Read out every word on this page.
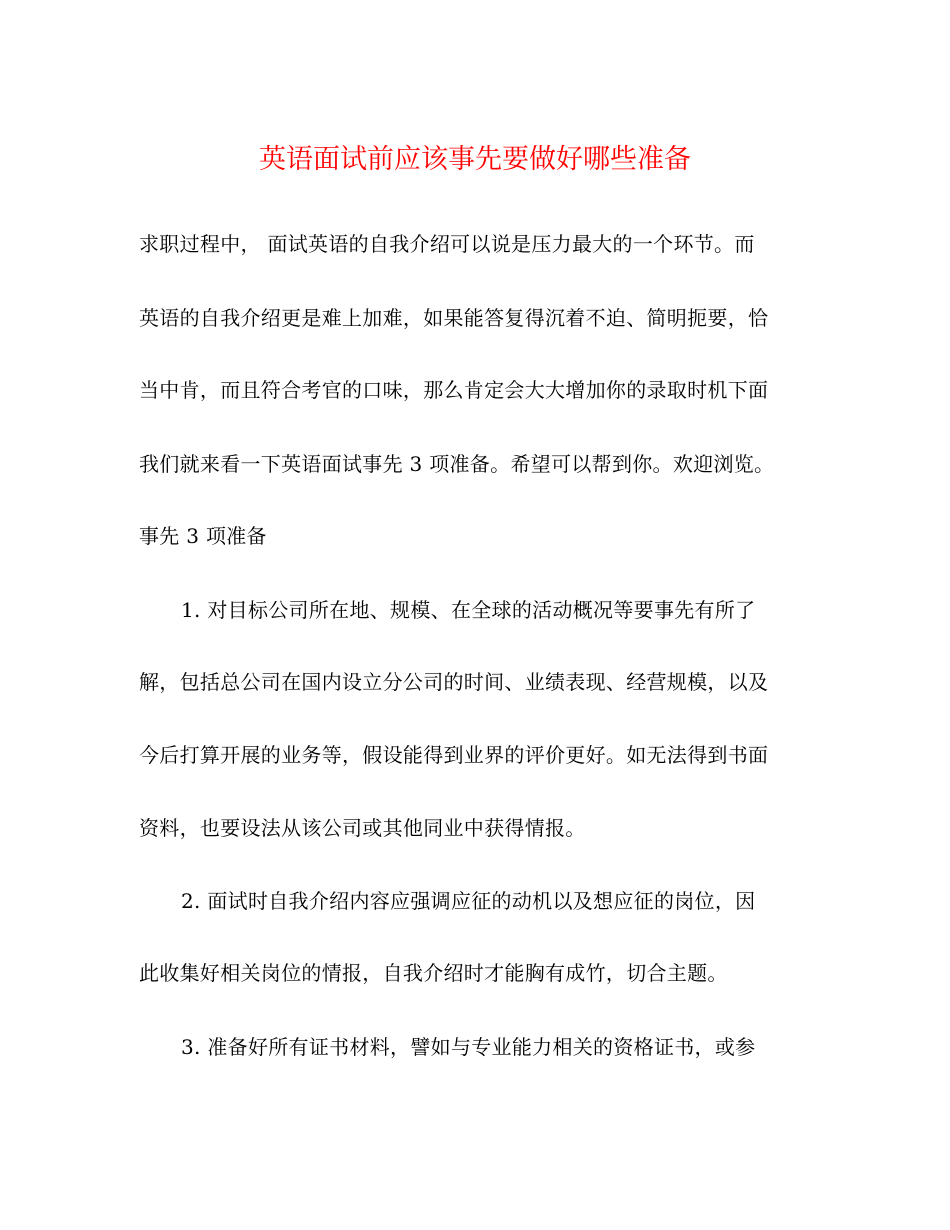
英语面试前应该事先要做好哪些准备
求职过程中， 面试英语的自我介绍可以说是压力最大的一个环节。而
英语的自我介绍更是难上加难，如果能答复得沉着不迫、简明扼要，恰
当中肯，而且符合考官的口味，那么肯定会大大增加你的录取时机下面
我们就来看一下英语面试事先 3 项准备。希望可以帮到你。欢迎浏览。
事先 3 项准备
1. 对目标公司所在地、规模、在全球的活动概况等要事先有所了
解，包括总公司在国内设立分公司的时间、业绩表现、经营规模，以及
今后打算开展的业务等，假设能得到业界的评价更好。如无法得到书面
资料，也要设法从该公司或其他同业中获得情报。
2. 面试时自我介绍内容应强调应征的动机以及想应征的岗位，因
此收集好相关岗位的情报，自我介绍时才能胸有成竹，切合主题。
3. 准备好所有证书材料，譬如与专业能力相关的资格证书，或参
